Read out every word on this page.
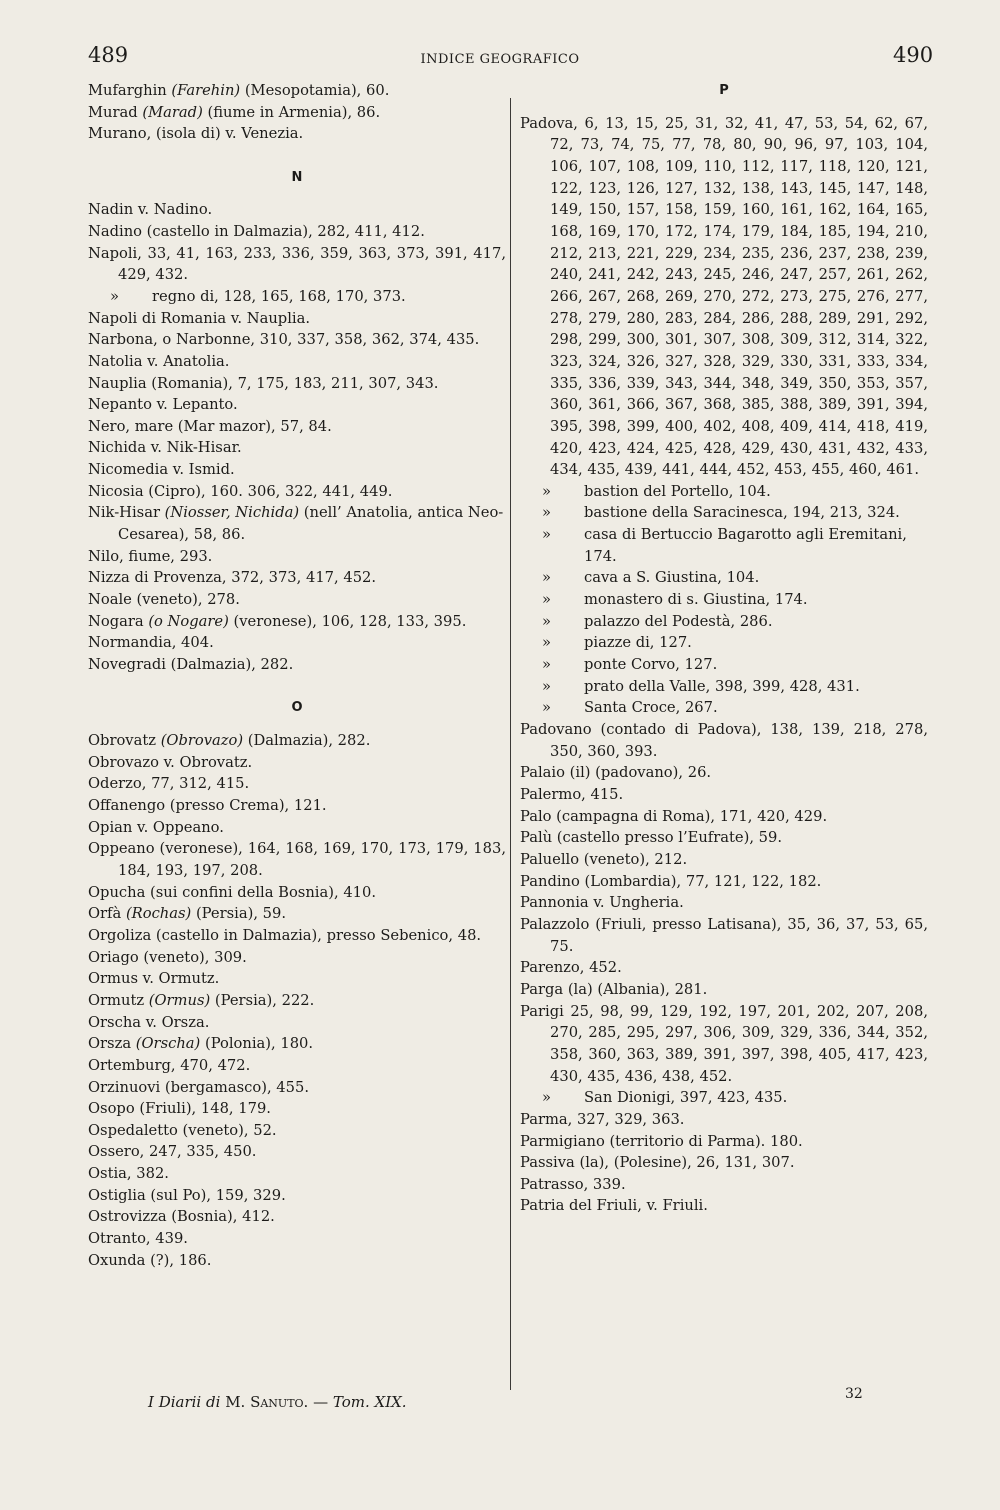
489	INDICE GEOGRAFICO	490
Mufarghin (Farehin) (Mesopotamia), 60.
Murad (Marad) (fiume in Armenia), 86.
Murano, (isola di) v. Venezia.
N
Nadin v. Nadino.
Nadino (castello in Dalmazia), 282, 411, 412.
Napoli, 33, 41, 163, 233, 336, 359, 363, 373, 391, 417, 429, 432.
» regno di, 128, 165, 168, 170, 373.
Napoli di Romania v. Nauplia.
Narbona, o Narbonne, 310, 337, 358, 362, 374, 435.
Natolia v. Anatolia.
Nauplia (Romania), 7, 175, 183, 211, 307, 343.
Nepanto v. Lepanto.
Nero, mare (Mar mazor), 57, 84.
Nichida v. Nik-Hisar.
Nicomedia v. Ismid.
Nicosia (Cipro), 160. 306, 322, 441, 449.
Nik-Hisar (Niosser, Nichida) (nell’ Anatolia, antica Neo-Cesarea), 58, 86.
Nilo, fiume, 293.
Nizza di Provenza, 372, 373, 417, 452.
Noale (veneto), 278.
Nogara (o Nogare) (veronese), 106, 128, 133, 395.
Normandia, 404.
Novegradi (Dalmazia), 282.
O
Obrovatz (Obrovazo) (Dalmazia), 282.
Obrovazo v. Obrovatz.
Oderzo, 77, 312, 415.
Offanengo (presso Crema), 121.
Opian v. Oppeano.
Oppeano (veronese), 164, 168, 169, 170, 173, 179, 183, 184, 193, 197, 208.
Opucha (sui confini della Bosnia), 410.
Orfà (Rochas) (Persia), 59.
Orgoliza (castello in Dalmazia), presso Sebenico, 48.
Oriago (veneto), 309.
Ormus v. Ormutz.
Ormutz (Ormus) (Persia), 222.
Orscha v. Orsza.
Orsza (Orscha) (Polonia), 180.
Ortemburg, 470, 472.
Orzinuovi (bergamasco), 455.
Osopo (Friuli), 148, 179.
Ospedaletto (veneto), 52.
Ossero, 247, 335, 450.
Ostia, 382.
Ostiglia (sul Po), 159, 329.
Ostrovizza (Bosnia), 412.
Otranto, 439.
Oxunda (?), 186.
P
Padova, 6, 13, 15, 25, 31, 32, 41, 47, 53, 54, 62, 67, 72, 73, 74, 75, 77, 78, 80, 90, 96, 97, 103, 104, 106, 107, 108, 109, 110, 112, 117, 118, 120, 121, 122, 123, 126, 127, 132, 138, 143, 145, 147, 148, 149, 150, 157, 158, 159, 160, 161, 162, 164, 165, 168, 169, 170, 172, 174, 179, 184, 185, 194, 210, 212, 213, 221, 229, 234, 235, 236, 237, 238, 239, 240, 241, 242, 243, 245, 246, 247, 257, 261, 262, 266, 267, 268, 269, 270, 272, 273, 275, 276, 277, 278, 279, 280, 283, 284, 286, 288, 289, 291, 292, 298, 299, 300, 301, 307, 308, 309, 312, 314, 322, 323, 324, 326, 327, 328, 329, 330, 331, 333, 334, 335, 336, 339, 343, 344, 348, 349, 350, 353, 357, 360, 361, 366, 367, 368, 385, 388, 389, 391, 394, 395, 398, 399, 400, 402, 408, 409, 414, 418, 419, 420, 423, 424, 425, 428, 429, 430, 431, 432, 433, 434, 435, 439, 441, 444, 452, 453, 455, 460, 461.
» bastion del Portello, 104.
» bastione della Saracinesca, 194, 213, 324.
» casa di Bertuccio Bagarotto agli Eremitani, 174.
» cava a S. Giustina, 104.
» monastero di s. Giustina, 174.
» palazzo del Podestà, 286.
» piazze di, 127.
» ponte Corvo, 127.
» prato della Valle, 398, 399, 428, 431.
» Santa Croce, 267.
Padovano (contado di Padova), 138, 139, 218, 278, 350, 360, 393.
Palaio (il) (padovano), 26.
Palermo, 415.
Palo (campagna di Roma), 171, 420, 429.
Palù (castello presso l’Eufrate), 59.
Paluello (veneto), 212.
Pandino (Lombardia), 77, 121, 122, 182.
Pannonia v. Ungheria.
Palazzolo (Friuli, presso Latisana), 35, 36, 37, 53, 65, 75.
Parenzo, 452.
Parga (la) (Albania), 281.
Parigi 25, 98, 99, 129, 192, 197, 201, 202, 207, 208, 270, 285, 295, 297, 306, 309, 329, 336, 344, 352, 358, 360, 363, 389, 391, 397, 398, 405, 417, 423, 430, 435, 436, 438, 452.
» San Dionigi, 397, 423, 435.
Parma, 327, 329, 363.
Parmigiano (territorio di Parma). 180.
Passiva (la), (Polesine), 26, 131, 307.
Patrasso, 339.
Patria del Friuli, v. Friuli.
I Diarii di M. Sanuto. — Tom. XIX.	32
